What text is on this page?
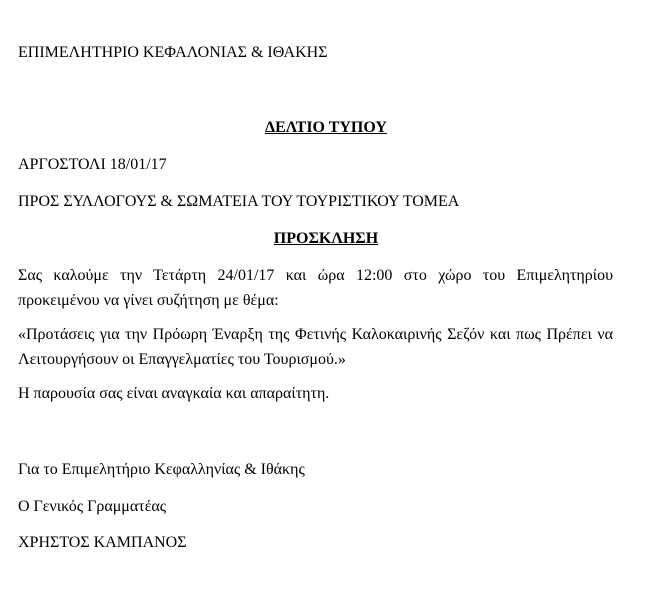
ΕΠΙΜΕΛΗΤΗΡΙΟ ΚΕΦΑΛΟΝΙΑΣ & ΙΘΑΚΗΣ
ΔΕΛΤΙΟ ΤΥΠΟΥ
ΑΡΓΟΣΤΟΛΙ 18/01/17
ΠΡΟΣ ΣΥΛΛΟΓΟΥΣ & ΣΩΜΑΤΕΙΑ ΤΟΥ ΤΟΥΡΙΣΤΙΚΟΥ ΤΟΜΕΑ
ΠΡΟΣΚΛΗΣΗ
Σας καλούμε την Τετάρτη 24/01/17 και ώρα 12:00 στο χώρο του Επιμελητηρίου προκειμένου να γίνει συζήτηση με θέμα:
«Προτάσεις για την Πρόωρη Έναρξη της Φετινής Καλοκαιρινής Σεζόν και πως Πρέπει να Λειτουργήσουν οι Επαγγελματίες του Τουρισμού.»
Η παρουσία σας είναι αναγκαία και απαραίτητη.
Για το Επιμελητήριο Κεφαλληνίας & Ιθάκης
Ο Γενικός Γραμματέας
ΧΡΗΣΤΟΣ ΚΑΜΠΑΝΟΣ
